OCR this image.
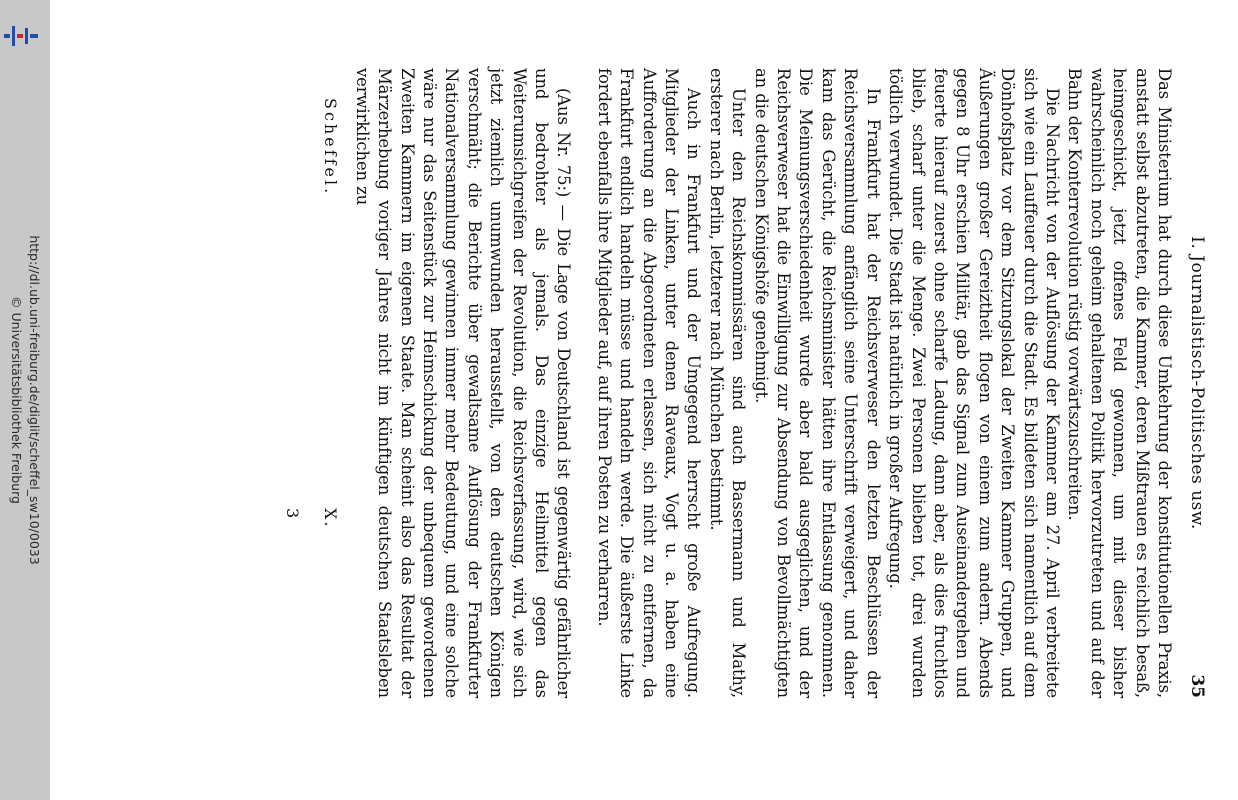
http://dl.ub.uni-freiburg.de/diglit/scheffel_sw10/0033
© Universitätsbibliothek Freiburg	I. Journalistisch-Politisches usw.
35

Das Ministerium hat durch diese Umkehrung der konstitutionellen Praxis, anstatt selbst abzutreten, die Kammer, deren Mißtrauen es reichlich besaß, heimgeschickt, jetzt offenes Feld gewonnen, um mit dieser bisher wahrscheinlich noch geheim gehaltenen Politik hervorzutreten und auf der Bahn der Konterrevolution rüstig vorwärtszuschreiten.

Die Nachricht von der Auflösung der Kammer am 27. April verbreitete sich wie ein Lauffeuer durch die Stadt. Es bildeten sich namentlich auf dem Dönhofsplatz vor dem Sitzungslokal der Zweiten Kammer Gruppen, und Äußerungen großer Gereiztheit flogen von einem zum andern. Abends gegen 8 Uhr erschien Militär, gab das Signal zum Auseinandergehen und feuerte hierauf zuerst ohne scharfe Ladung, dann aber, als dies fruchtlos blieb, scharf unter die Menge. Zwei Personen blieben tot, drei wurden tödlich verwundet. Die Stadt ist natürlich in großer Aufregung.

In Frankfurt hat der Reichsverweser den letzten Beschlüssen der Reichsversammlung anfänglich seine Unterschrift verweigert, und daher kam das Gerücht, die Reichsminister hätten ihre Entlassung genommen. Die Meinungsverschiedenheit wurde aber bald ausgeglichen, und der Reichsverweser hat die Einwilligung zur Absendung von Bevollmächtigten an die deutschen Königshöfe genehmigt.

Unter den Reichskommissären sind auch Bassermann und Mathy, ersterer nach Berlin, letzterer nach München bestimmt.

Auch in Frankfurt und der Umgegend herrscht große Aufregung. Mitglieder der Linken, unter denen Raveaux, Vogt u. a. haben eine Aufforderung an die Abgeordneten erlassen, sich nicht zu entfernen, da Frankfurt endlich handeln müsse und handeln werde. Die äußerste Linke fordert ebenfalls ihre Mitglieder auf, auf ihren Posten zu verharren.

(Aus Nr. 75:) — Die Lage von Deutschland ist gegenwärtig gefährlicher und bedrohter als jemals. Das einzige Heilmittel gegen das Weiterumsichgreifen der Revolution, die Reichsverfassung, wird, wie sich jetzt ziemlich unumwunden herausstellt, von den deutschen Königen verschmäht; die Berichte über gewaltsame Auflösung der Frankfurter Nationalversammlung gewinnen immer mehr Bedeutung, und eine solche wäre nur das Seitenstück zur Heimschickung der unbequem gewordenen Zweiten Kammern im eigenen Staate. Man scheint also das Resultat der Märzerhebung voriger Jahres nicht im künftigen deutschen Staatsleben verwirklichen zu

Scheffel.
X.  3
